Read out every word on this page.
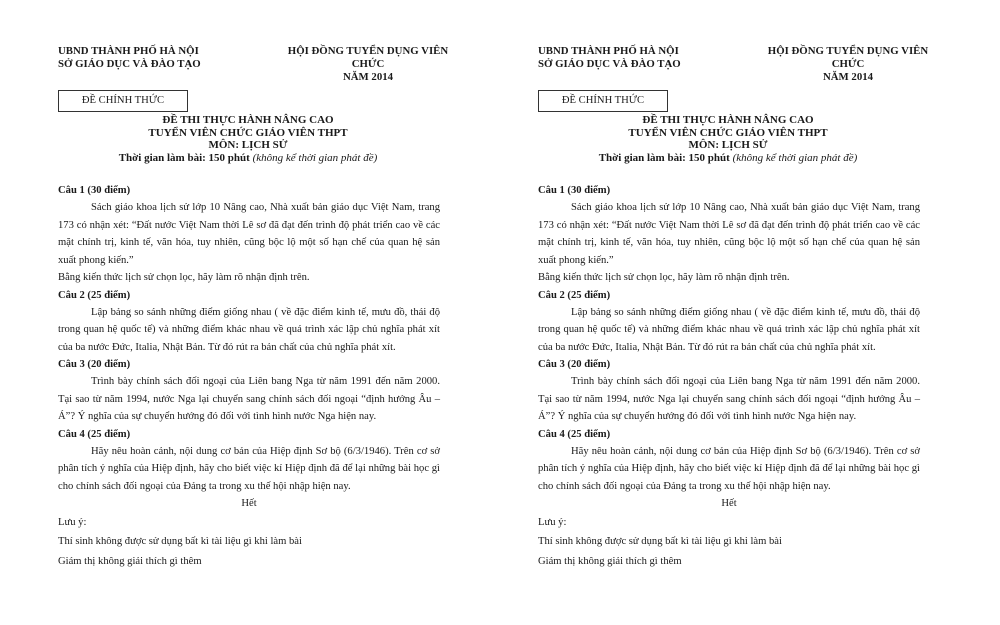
UBND THÀNH PHỐ HÀ NỘI
SỞ GIÁO DỤC VÀ ĐÀO TẠO
HỘI ĐỒNG TUYỂN DỤNG VIÊN
CHỨC
NĂM 2014
ĐỀ CHÍNH THỨC
ĐỀ THI THỰC HÀNH NÂNG CAO
TUYỂN VIÊN CHỨC GIÁO VIÊN THPT
MÔN: LỊCH SỬ
Thời gian làm bài: 150 phút (không kể thời gian phát đề)
Câu 1 (30 điểm)
Sách giáo khoa lịch sử lớp 10 Nâng cao, Nhà xuất bản giáo dục Việt Nam, trang 173 có nhận xét: “Đất nước Việt Nam thời Lê sơ đã đạt đến trình độ phát triển cao về các mặt chính trị, kinh tế, văn hóa, tuy nhiên, cũng bộc lộ một số hạn chế của quan hệ sản xuất phong kiến.”
Bằng kiến thức lịch sử chọn lọc, hãy làm rõ nhận định trên.
Câu 2 (25 điểm)
Lập bảng so sánh những điểm giống nhau ( về đặc điểm kinh tế, mưu đồ, thái độ trong quan hệ quốc tế) và những điểm khác nhau về quá trình xác lập chủ nghĩa phát xít của ba nước Đức, Italia, Nhật Bản. Từ đó rút ra bản chất của chủ nghĩa phát xít.
Câu 3 (20 điểm)
Trình bày chính sách đối ngoại của Liên bang Nga từ năm 1991 đến năm 2000. Tại sao từ năm 1994, nước Nga lại chuyển sang chính sách đối ngoại “định hướng Âu – Á”? Ý nghĩa của sự chuyển hướng đó đối với tình hình nước Nga hiện nay.
Câu 4 (25 điểm)
Hãy nêu hoàn cảnh, nội dung cơ bản của Hiệp định Sơ bộ (6/3/1946). Trên cơ sở phân tích ý nghĩa của Hiệp định, hãy cho biết việc kí Hiệp định đã để lại những bài học gì cho chính sách đối ngoại của Đảng ta trong xu thế hội nhập hiện nay.
Hết
Lưu ý:
Thí sinh không được sử dụng bất kì tài liệu gì khi làm bài
Giám thị không giải thích gì thêm
UBND THÀNH PHỐ HÀ NỘI
SỞ GIÁO DỤC VÀ ĐÀO TẠO
HỘI ĐỒNG TUYỂN DỤNG VIÊN
CHỨC
NĂM 2014
ĐỀ CHÍNH THỨC
ĐỀ THI THỰC HÀNH NÂNG CAO
TUYỂN VIÊN CHỨC GIÁO VIÊN THPT
MÔN: LỊCH SỬ
Thời gian làm bài: 150 phút (không kể thời gian phát đề)
Câu 1 (30 điểm)
Sách giáo khoa lịch sử lớp 10 Nâng cao, Nhà xuất bản giáo dục Việt Nam, trang 173 có nhận xét: “Đất nước Việt Nam thời Lê sơ đã đạt đến trình độ phát triển cao về các mặt chính trị, kinh tế, văn hóa, tuy nhiên, cũng bộc lộ một số hạn chế của quan hệ sản xuất phong kiến.”
Bằng kiến thức lịch sử chọn lọc, hãy làm rõ nhận định trên.
Câu 2 (25 điểm)
Lập bảng so sánh những điểm giống nhau ( về đặc điểm kinh tế, mưu đồ, thái độ trong quan hệ quốc tế) và những điểm khác nhau về quá trình xác lập chủ nghĩa phát xít của ba nước Đức, Italia, Nhật Bản. Từ đó rút ra bản chất của chủ nghĩa phát xít.
Câu 3 (20 điểm)
Trình bày chính sách đối ngoại của Liên bang Nga từ năm 1991 đến năm 2000. Tại sao từ năm 1994, nước Nga lại chuyển sang chính sách đối ngoại “định hướng Âu – Á”? Ý nghĩa của sự chuyển hướng đó đối với tình hình nước Nga hiện nay.
Câu 4 (25 điểm)
Hãy nêu hoàn cảnh, nội dung cơ bản của Hiệp định Sơ bộ (6/3/1946). Trên cơ sở phân tích ý nghĩa của Hiệp định, hãy cho biết việc kí Hiệp định đã để lại những bài học gì cho chính sách đối ngoại của Đảng ta trong xu thế hội nhập hiện nay.
Hết
Lưu ý:
Thí sinh không được sử dụng bất kì tài liệu gì khi làm bài
Giám thị không giải thích gì thêm
